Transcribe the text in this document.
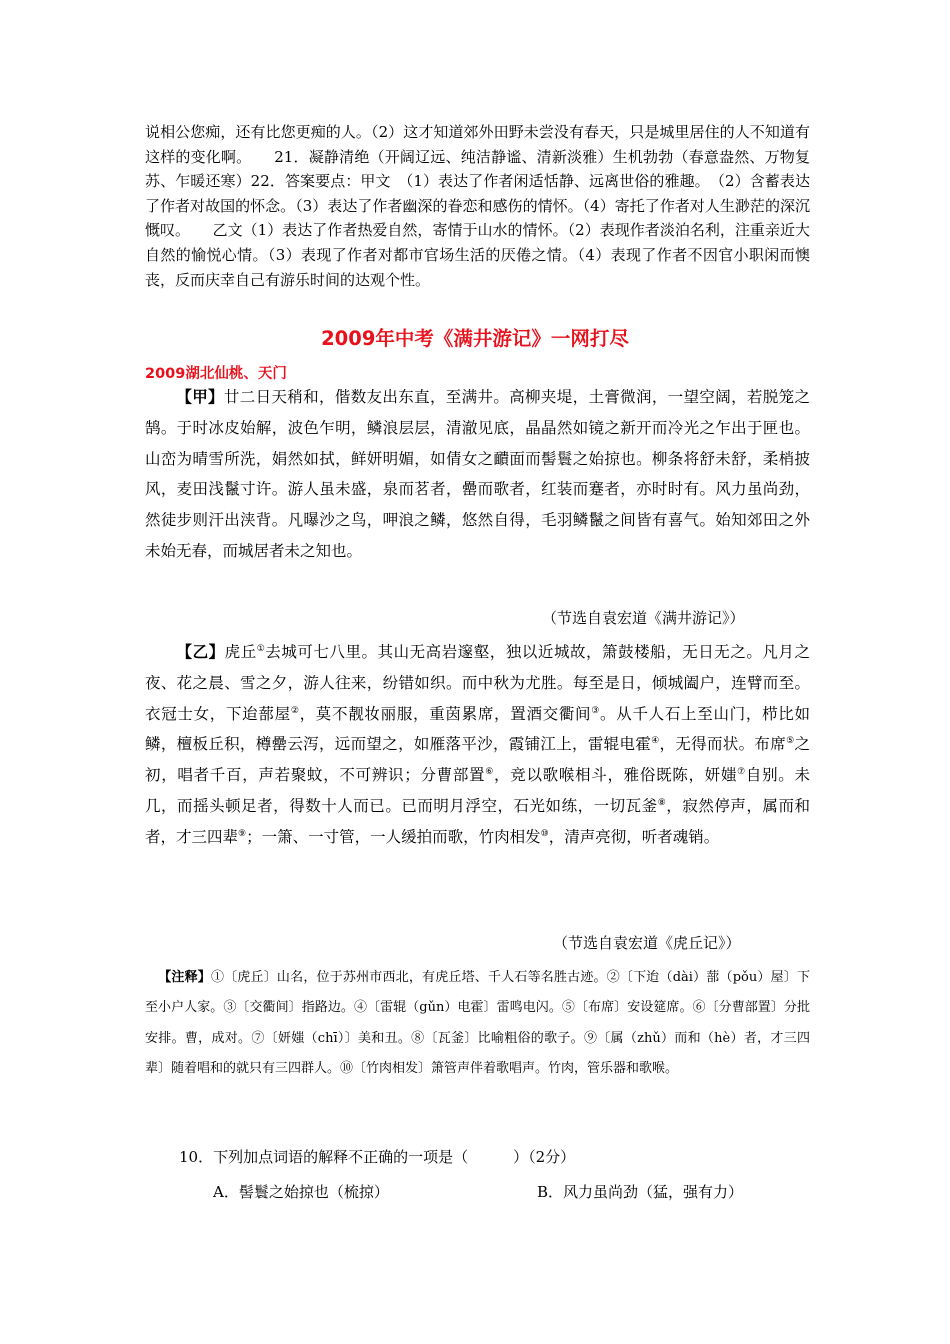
说相公您痴，还有比您更痴的人。（2）这才知道郊外田野未尝没有春天，只是城里居住的人不知道有这样的变化啊。　　21．凝静清绝（开阔辽远、纯洁静谧、清新淡雅）生机勃勃（春意盎然、万物复苏、乍暖还寒）22．答案要点：甲文　（1）表达了作者闲适恬静、远离世俗的雅趣。　（2）含蓄表达了作者对故国的怀念。（3）表达了作者幽深的眷恋和感伤的情怀。（4）寄托了作者对人生渺茫的深沉慨叹。　　乙文（1）表达了作者热爱自然，寄情于山水的情怀。（2）表现作者淡泊名利，注重亲近大自然的愉悦心情。（3）表现了作者对都市官场生活的厌倦之情。（4）表现了作者不因官小职闲而懊丧，反而庆幸自己有游乐时间的达观个性。

2009年中考《满井游记》一网打尽
2009湖北仙桃、天门

  【甲】廿二日天稍和，偕数友出东直，至满井。高柳夹堤，土膏微润，一望空阔，若脱笼之鹄。于时冰皮始解，波色乍明，鳞浪层层，清澈见底，晶晶然如镜之新开而冷光之乍出于匣也。山峦为晴雪所洗，娟然如拭，鲜妍明媚，如倩女之靧面而髻鬟之始掠也。柳条将舒未舒，柔梢披风，麦田浅鬣寸许。游人虽未盛，泉而茗者，罍而歌者，红装而蹇者，亦时时有。风力虽尚劲，然徒步则汗出浃背。凡曝沙之鸟，呷浪之鳞，悠然自得，毛羽鳞鬣之间皆有喜气。始知郊田之外未始无春，而城居者未之知也。

（节选自袁宏道《满井游记》）

  【乙】虎丘①去城可七八里。其山无高岩邃壑，独以近城故，箫鼓楼船，无日无之。凡月之夜、花之晨、雪之夕，游人往来，纷错如织。而中秋为尤胜。每至是日，倾城阖户，连臂而至。衣冠士女，下迨蔀屋②，莫不靓妆丽服，重茵累席，置酒交衢间③。从千人石上至山门，栉比如鳞，檀板丘积，樽罍云泻，远而望之，如雁落平沙，霞铺江上，雷辊电霍④，无得而状。布席⑤之初，唱者千百，声若聚蚊，不可辨识；分曹部置⑥，竞以歌喉相斗，雅俗既陈，妍媸⑦自别。未几，而摇头顿足者，得数十人而已。已而明月浮空，石光如练，一切瓦釜⑧，寂然停声，属而和者，才三四辈⑨；一箫、一寸管，一人缓拍而歌，竹肉相发⑩，清声亮彻，听者魂销。

（节选自袁宏道《虎丘记》）

 【注释】①〔虎丘〕山名，位于苏州市西北，有虎丘塔、千人石等名胜古迹。②〔下迨（dài）蔀（pǒu）屋〕下至小户人家。③〔交衢间〕指路边。④〔雷辊（gǔn）电霍〕雷鸣电闪。⑤〔布席〕安设筵席。⑥〔分曹部置〕分批安排。曹，成对。⑦〔妍媸（chī）〕美和丑。⑧〔瓦釜〕比喻粗俗的歌子。⑨〔属（zhǔ）而和（hè）者，才三四辈〕随着唱和的就只有三四群人。⑩〔竹肉相发〕箫管声伴着歌唱声。竹肉，管乐器和歌喉。

10．下列加点词语的解释不正确的一项是（　　　）（2分）
A．髻鬟之始掠也（梳掠）	B．风力虽尚劲（猛，强有力）
